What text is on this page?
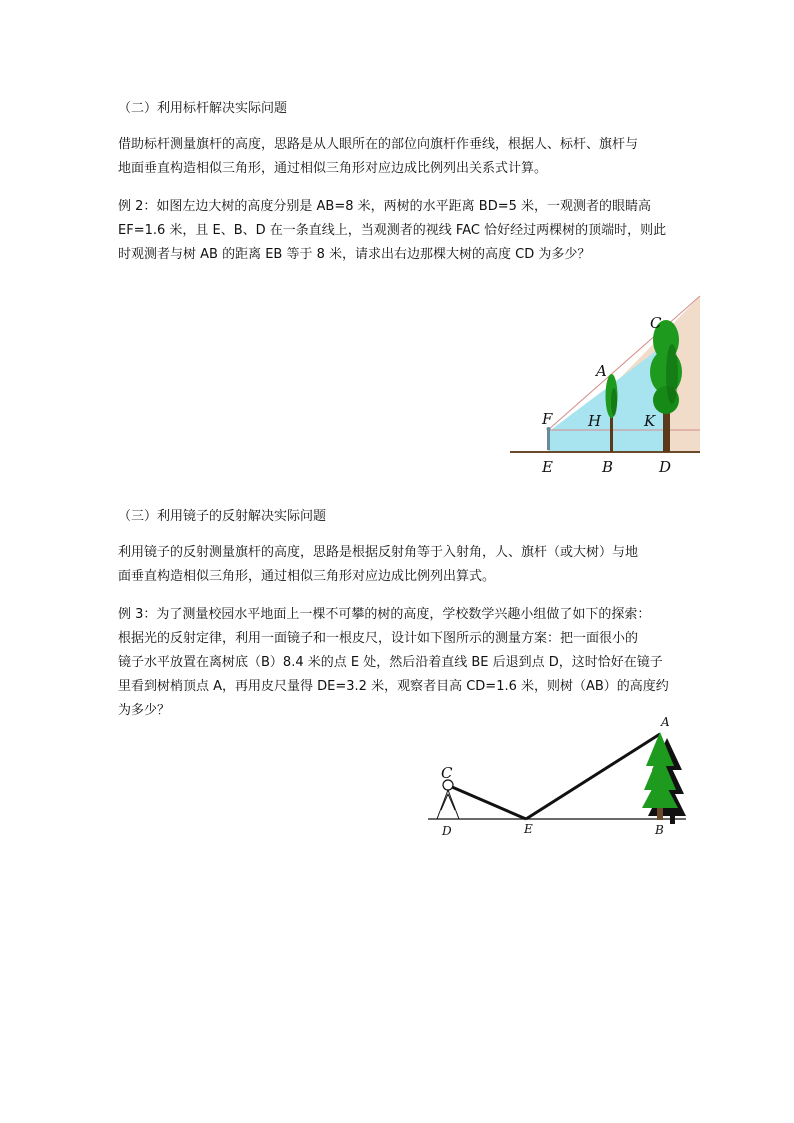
（二）利用标杆解决实际问题
借助标杆测量旗杆的高度，思路是从人眼所在的部位向旗杆作垂线，根据人、标杆、旗杆与
地面垂直构造相似三角形，通过相似三角形对应边成比例列出关系式计算。
例 2：如图左边大树的高度分别是 AB=8 米，两树的水平距离 BD=5 米，一观测者的眼睛高
EF=1.6 米，且 E、B、D 在一条直线上，当观测者的视线 FAC 恰好经过两棵树的顶端时，则此
时观测者与树 AB 的距离 EB 等于 8 米，请求出右边那棵大树的高度 CD 为多少？
C
A
F H	K
E	B	D
（三）利用镜子的反射解决实际问题
利用镜子的反射测量旗杆的高度，思路是根据反射角等于入射角，人、旗杆（或大树）与地
面垂直构造相似三角形，通过相似三角形对应边成比例列出算式。
例 3：为了测量校园水平地面上一棵不可攀的树的高度，学校数学兴趣小组做了如下的探索：
根据光的反射定律，利用一面镜子和一根皮尺，设计如下图所示的测量方案：把一面很小的
镜子水平放置在离树底（B）8.4 米的点 E 处，然后沿着直线 BE 后退到点 D，这时恰好在镜子
里看到树梢顶点 A，再用皮尺量得 DE=3.2 米，观察者目高 CD=1.6 米，则树（AB）的高度约
为多少？
A
C
D	E	B
